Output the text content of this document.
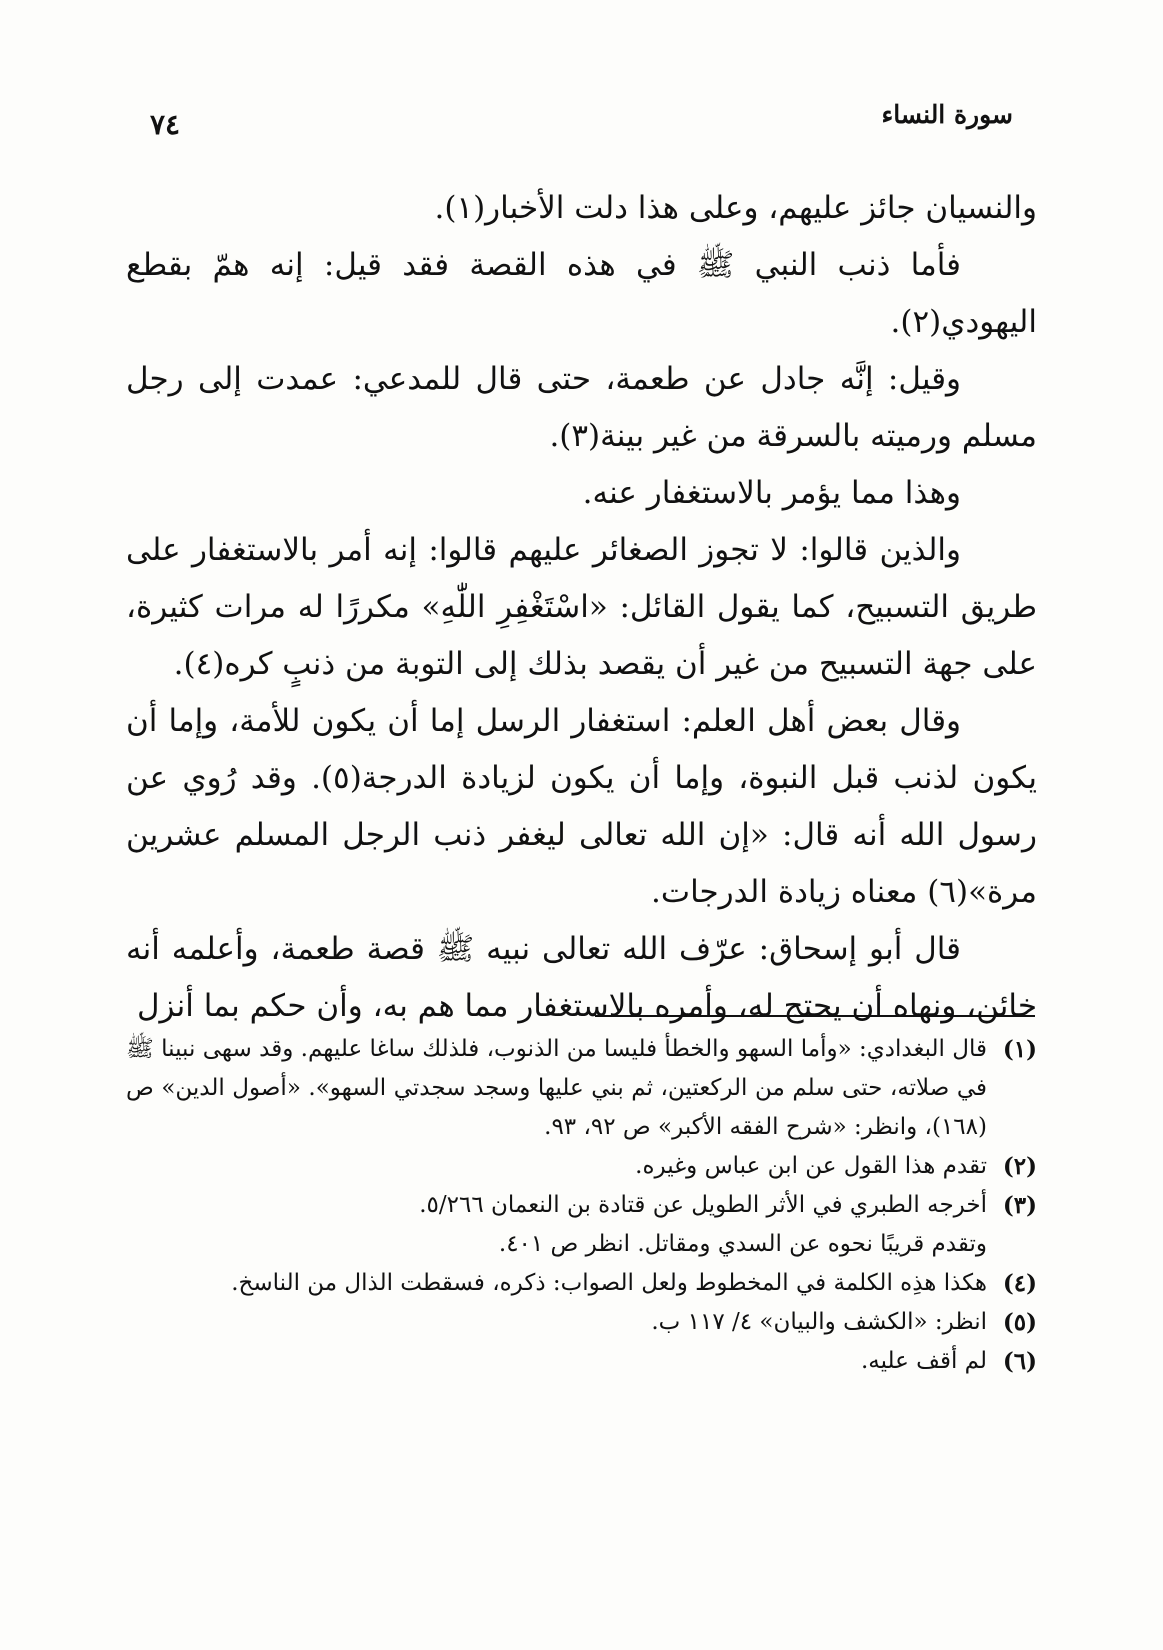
سورة النساء
٧٤

والنسيان جائز عليهم، وعلى هذا دلت الأخبار(١).

فأما ذنب النبي ﷺ في هذه القصة فقد قيل: إنه همّ بقطع اليهودي(٢).

وقيل: إنَّه جادل عن طعمة، حتى قال للمدعي: عمدت إلى رجل مسلم ورميته بالسرقة من غير بينة(٣).

وهذا مما يؤمر بالاستغفار عنه.

والذين قالوا: لا تجوز الصغائر عليهم قالوا: إنه أمر بالاستغفار على طريق التسبيح، كما يقول القائل: «اسْتَغْفِرِ اللّٰهِ» مكررًا له مرات كثيرة، على جهة التسبيح من غير أن يقصد بذلك إلى التوبة من ذنبٍ كره(٤).

وقال بعض أهل العلم: استغفار الرسل إما أن يكون للأمة، وإما أن يكون لذنب قبل النبوة، وإما أن يكون لزيادة الدرجة(٥). وقد رُوي عن رسول الله أنه قال: «إن الله تعالى ليغفر ذنب الرجل المسلم عشرين مرة»(٦) معناه زيادة الدرجات.

قال أبو إسحاق: عرّف الله تعالى نبيه ﷺ قصة طعمة، وأعلمه أنه خائن، ونهاه أن يحتج له، وأمره بالاستغفار مما هم به، وأن حكم بما أنزل

(١)
قال البغدادي: «وأما السهو والخطأ فليسا من الذنوب، فلذلك ساغا عليهم. وقد سهى نبينا ﷺ في صلاته، حتى سلم من الركعتين، ثم بني عليها وسجد سجدتي السهو». «أصول الدين» ص (١٦٨)، وانظر: «شرح الفقه الأكبر» ص ٩٢، ٩٣.
(٢)
تقدم هذا القول عن ابن عباس وغيره.
(٣)
أخرجه الطبري في الأثر الطويل عن قتادة بن النعمان ٥/٢٦٦.
وتقدم قريبًا نحوه عن السدي ومقاتل. انظر ص ٤٠١.
(٤)
هكذا هذِه الكلمة في المخطوط ولعل الصواب: ذكره، فسقطت الذال من الناسخ.
(٥)
انظر: «الكشف والبيان» ٤/ ١١٧ ب.
(٦)
لم أقف عليه.
